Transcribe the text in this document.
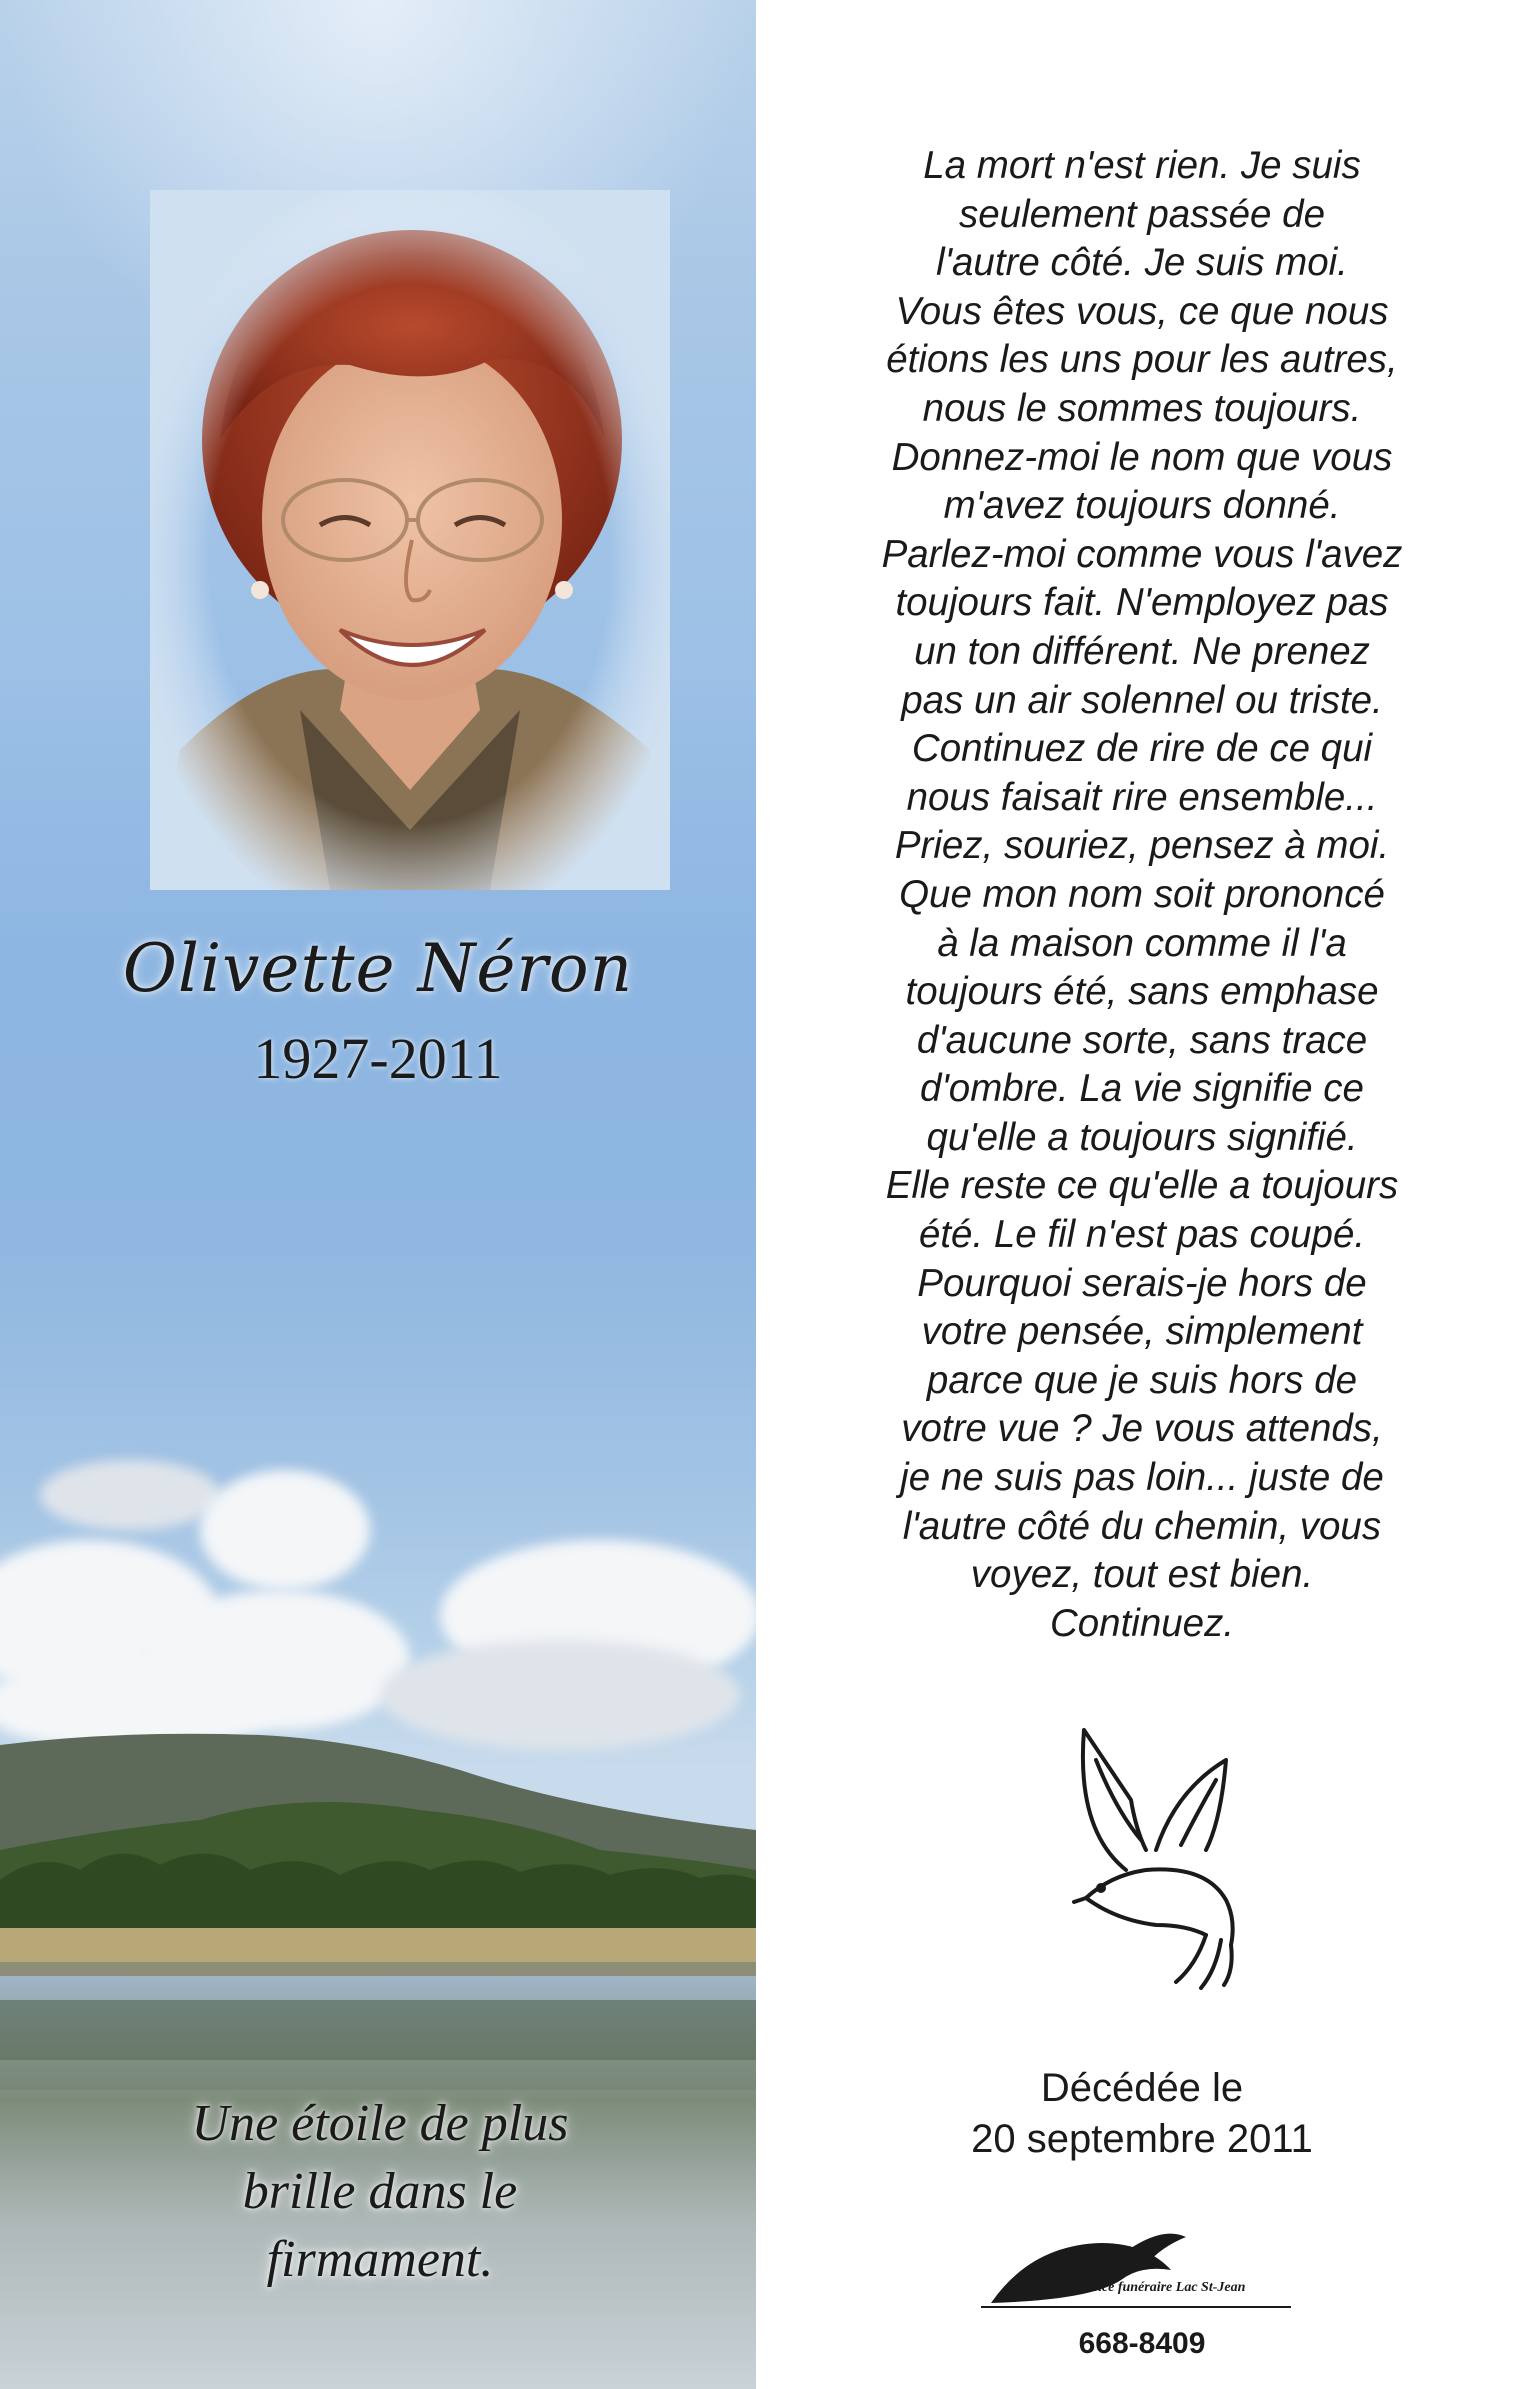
Olivette Néron
1927-2011
Une étoile de plus
brille dans le
firmament.
La mort n'est rien. Je suis
seulement passée de
l'autre côté. Je suis moi.
Vous êtes vous, ce que nous
étions les uns pour les autres,
nous le sommes toujours.
Donnez-moi le nom que vous
m'avez toujours donné.
Parlez-moi comme vous l'avez
toujours fait. N'employez pas
un ton différent. Ne prenez
pas un air solennel ou triste.
Continuez de rire de ce qui
nous faisait rire ensemble...
Priez, souriez, pensez à moi.
Que mon nom soit prononcé
à la maison comme il l'a
toujours été, sans emphase
d'aucune sorte, sans trace
d'ombre. La vie signifie ce
qu'elle a toujours signifié.
Elle reste ce qu'elle a toujours
été. Le fil n'est pas coupé.
Pourquoi serais-je hors de
votre pensée, simplement
parce que je suis hors de
votre vue ? Je vous attends,
je ne suis pas loin... juste de
l'autre côté du chemin, vous
voyez, tout est bien.
Continuez.
Décédée le
20 septembre 2011
Résidence funéraire Lac St-Jean
668-8409
